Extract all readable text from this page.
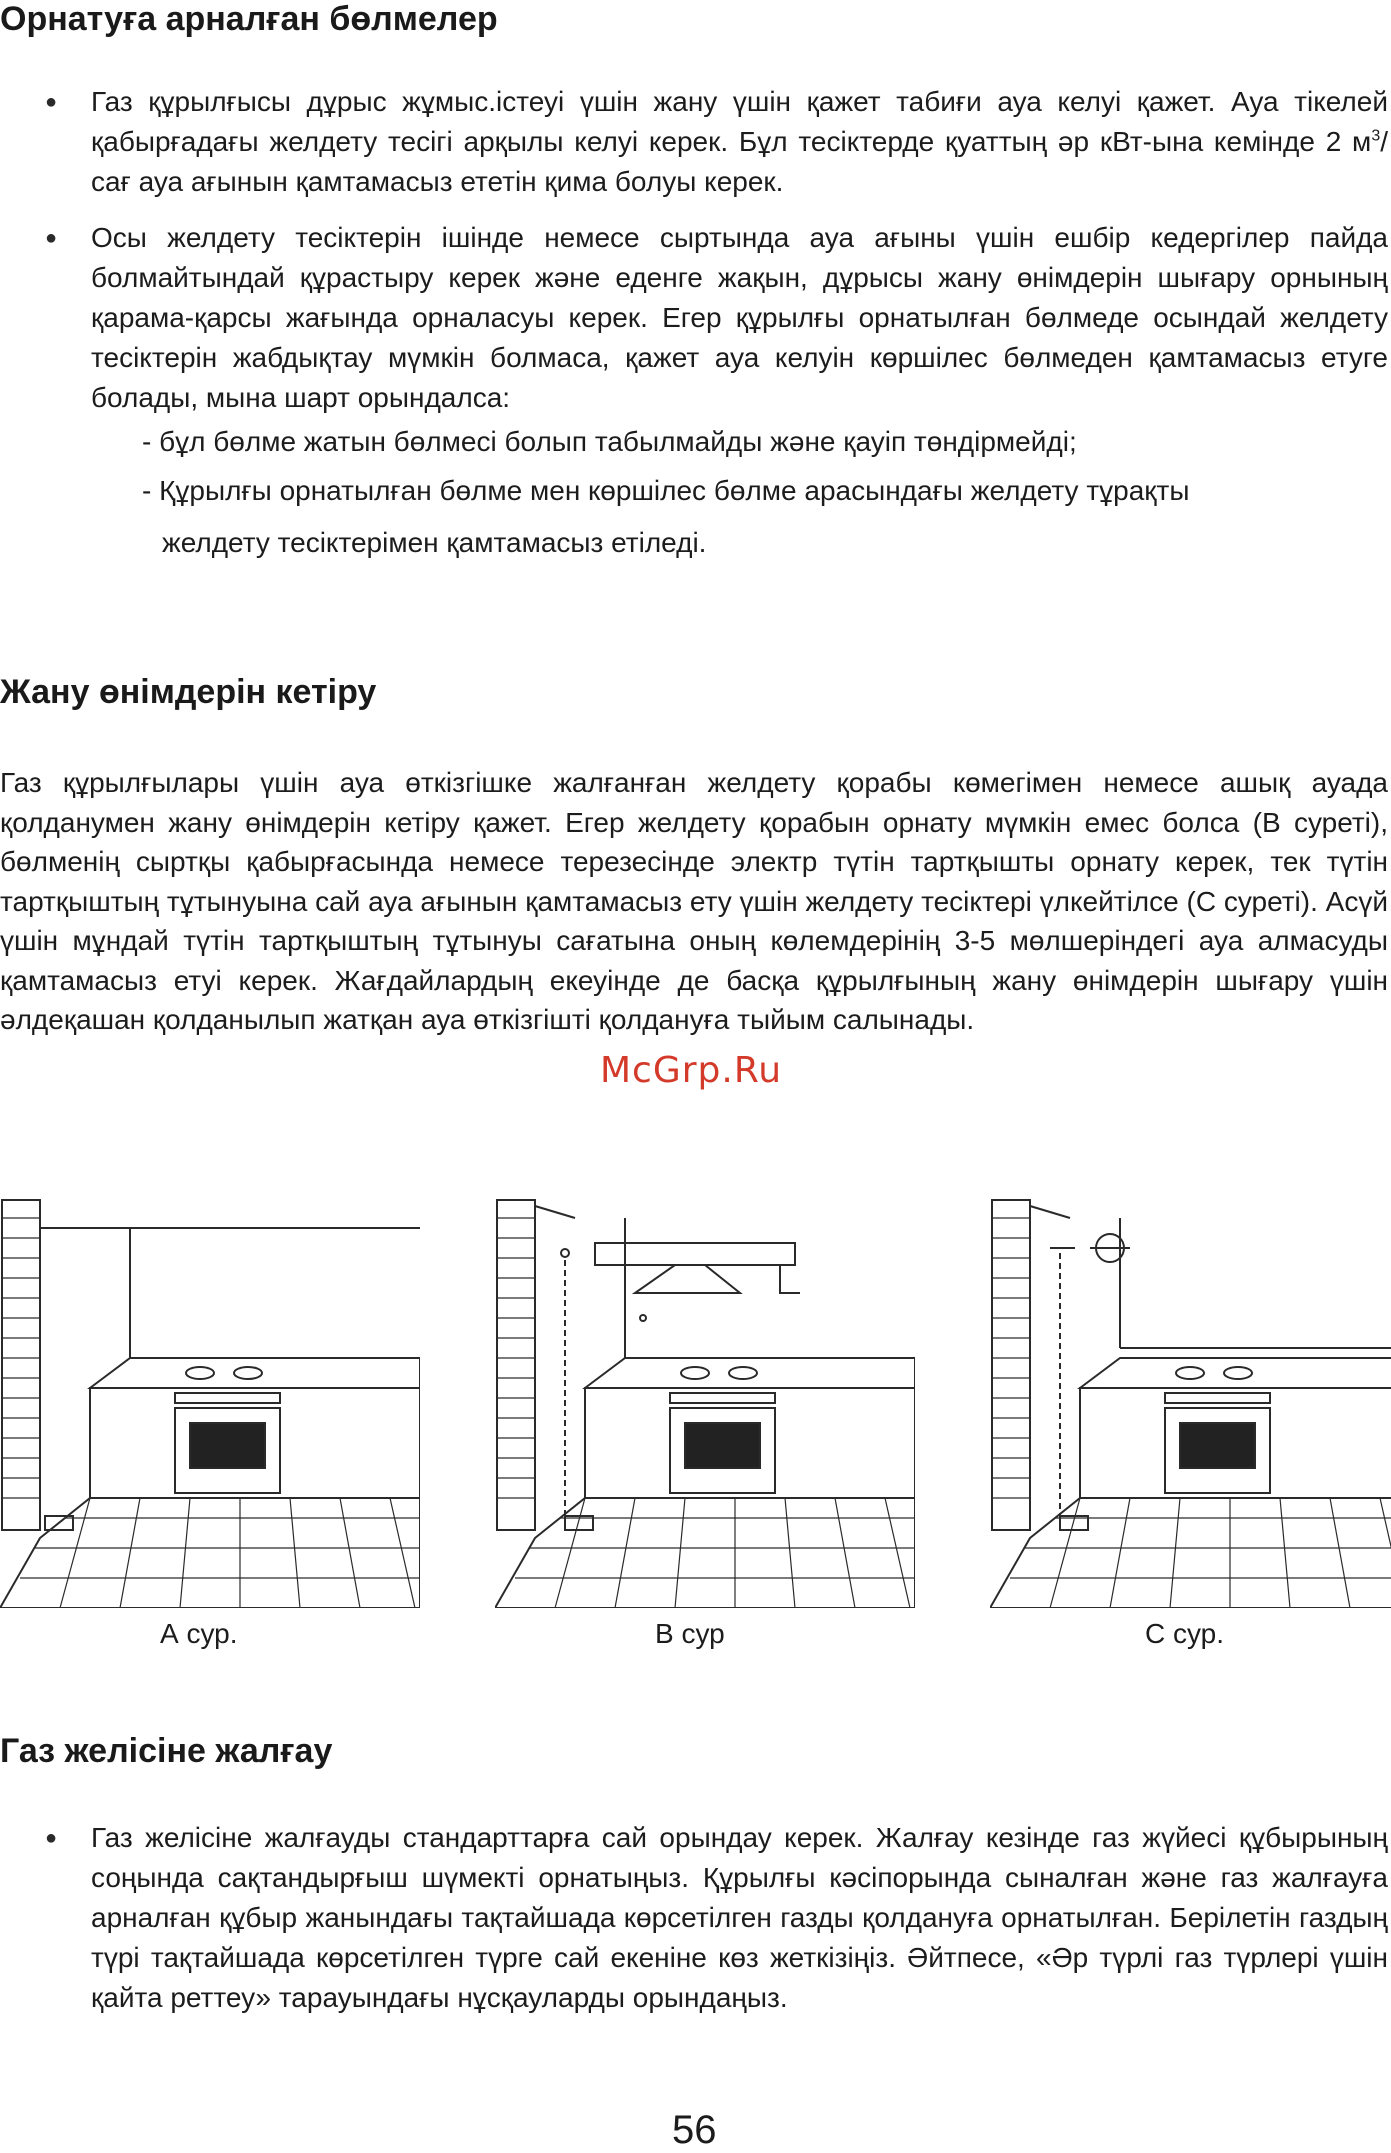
Орнатуға арналған бөлмелер
● Газ құрылғысы дұрыс жұмыс.істеуі үшін жану үшін қажет табиғи ауа келуі қажет. Ауа тікелей қабырғадағы желдету тесігі арқылы келуі керек. Бұл тесіктерде қуаттың әр кВт-ына кемінде 2 $м^3$/сағ ауа ағынын қамтамасыз ететін қима болуы керек.
● Осы желдету тесіктерін ішінде немесе сыртында ауа ағыны үшін ешбір кедергілер пайда болмайтындай құрастыру керек және еденге жақын, дұрысы жану өнімдерін шығару орнының қарама-қарсы жағында орналасуы керек. Егер құрылғы орнатылған бөлмеде осындай желдету тесіктерін жабдықтау мүмкін болмаса, қажет ауа келуін көршілес бөлмеден қамтамасыз етуге болады, мына шарт орындалса:
- бұл бөлме жатын бөлмесі болып табылмайды және қауіп төндірмейді;
- Құрылғы орнатылған бөлме мен көршілес бөлме арасындағы желдету тұрақты
желдету тесіктерімен қамтамасыз етіледі.
Жану өнімдерін кетіру

Газ құрылғылары үшін ауа өткізгішке жалғанған желдету қорабы көмегімен немесе ашық ауада қолданумен жану өнімдерін кетіру қажет. Егер желдету қорабын орнату мүмкін емес болса (В суреті), бөлменің сыртқы қабырғасында немесе терезесінде электр түтін тартқышты орнату керек, тек түтін тартқыштың тұтынуына сай ауа ағынын қамтамасыз ету үшін желдету тесіктері үлкейтілсе (С суреті). Асүй үшін мұндай түтін тартқыштың тұтынуы сағатына оның көлемдерінің 3-5 мөлшеріндегі ауа алмасуды қамтамасыз етуі керек. Жағдайлардың екеуінде де басқа құрылғының жану өнімдерін шығару үшін әлдеқашан қолданылып жатқан ауа өткізгішті қолдануға тыйым салынады.

McGrp.Ru
А сур.	В сур	С сур.
Газ желісіне жалғау
● Газ желісіне жалғауды стандарттарға сай орындау керек. Жалғау кезінде газ жүйесі құбырының соңында сақтандырғыш шүмекті орнатыңыз. Құрылғы кәсіпорында сыналған және газ жалғауға арналған құбыр жанындағы тақтайшада көрсетілген газды қолдануға орнатылған. Берілетін газдың түрі тақтайшада көрсетілген түрге сай екеніне көз жеткізіңіз. Әйтпесе, «Әр түрлі газ түрлері үшін қайта реттеу» тарауындағы нұсқауларды орындаңыз.
56
